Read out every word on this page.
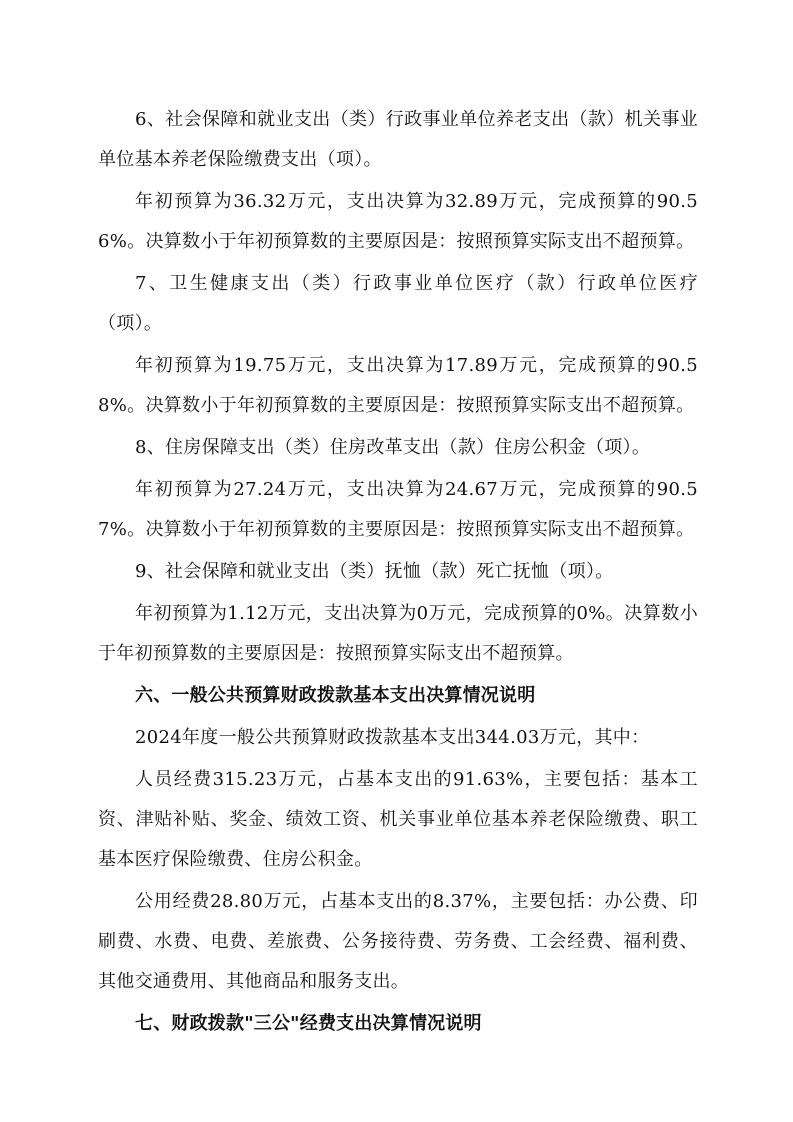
6、社会保障和就业支出（类）行政事业单位养老支出（款）机关事业单位基本养老保险缴费支出（项）。

年初预算为36.32万元，支出决算为32.89万元，完成预算的90.56%。决算数小于年初预算数的主要原因是：按照预算实际支出不超预算。

7、卫生健康支出（类）行政事业单位医疗（款）行政单位医疗（项）。

年初预算为19.75万元，支出决算为17.89万元，完成预算的90.58%。决算数小于年初预算数的主要原因是：按照预算实际支出不超预算。

8、住房保障支出（类）住房改革支出（款）住房公积金（项）。

年初预算为27.24万元，支出决算为24.67万元，完成预算的90.57%。决算数小于年初预算数的主要原因是：按照预算实际支出不超预算。

9、社会保障和就业支出（类）抚恤（款）死亡抚恤（项）。

年初预算为1.12万元，支出决算为0万元，完成预算的0%。决算数小于年初预算数的主要原因是：按照预算实际支出不超预算。

六、一般公共预算财政拨款基本支出决算情况说明

2024年度一般公共预算财政拨款基本支出344.03万元，其中：

人员经费315.23万元，占基本支出的91.63%，主要包括：基本工资、津贴补贴、奖金、绩效工资、机关事业单位基本养老保险缴费、职工基本医疗保险缴费、住房公积金。

公用经费28.80万元，占基本支出的8.37%，主要包括：办公费、印刷费、水费、电费、差旅费、公务接待费、劳务费、工会经费、福利费、其他交通费用、其他商品和服务支出。

七、财政拨款"三公"经费支出决算情况说明
